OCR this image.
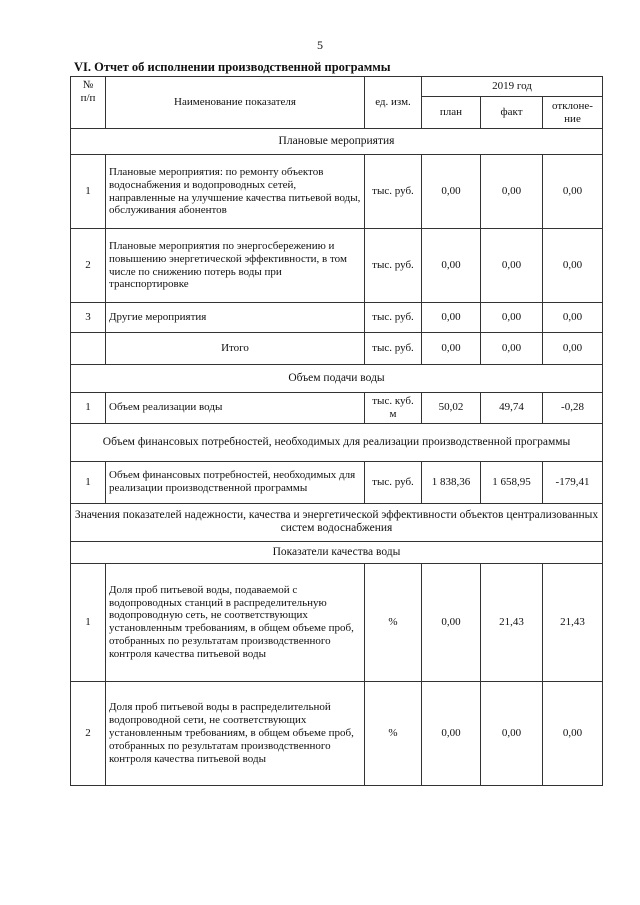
5
VI. Отчет об исполнении производственной программы
№
п/п	Наименование показателя	ед. изм.	2019 год		
			план	факт	отклоне-
ние
Плановые мероприятия					
1	Плановые мероприятия: по ремонту объектов водоснабжения и водопроводных сетей, направленные на улучшение качества питьевой воды, обслуживания абонентов	тыс. руб.	0,00	0,00	0,00
2	Плановые мероприятия по энергосбережению и повышению энергетической эффективности, в том числе по снижению потерь воды при транспортировке	тыс. руб.	0,00	0,00	0,00
3	Другие мероприятия	тыс. руб.	0,00	0,00	0,00
	Итого	тыс. руб.	0,00	0,00	0,00
Объем подачи воды					
1	Объем реализации воды	тыс. куб. м	50,02	49,74	-0,28
Объем финансовых потребностей, необходимых для реализации производственной программы					
1	Объем финансовых потребностей, необходимых для реализации производственной программы	тыс. руб.	1 838,36	1 658,95	-179,41
Значения показателей надежности, качества и энергетической эффективности объектов централизованных систем водоснабжения					
Показатели качества воды					
1	Доля проб питьевой воды, подаваемой с водопроводных станций в распределительную водопроводную сеть, не соответствующих установленным требованиям, в общем объеме проб, отобранных по результатам производственного контроля качества питьевой воды	%	0,00	21,43	21,43
2	Доля проб питьевой воды в распределительной водопроводной сети, не соответствующих установленным требованиям, в общем объеме проб, отобранных по результатам производственного контроля качества питьевой воды	%	0,00	0,00	0,00
